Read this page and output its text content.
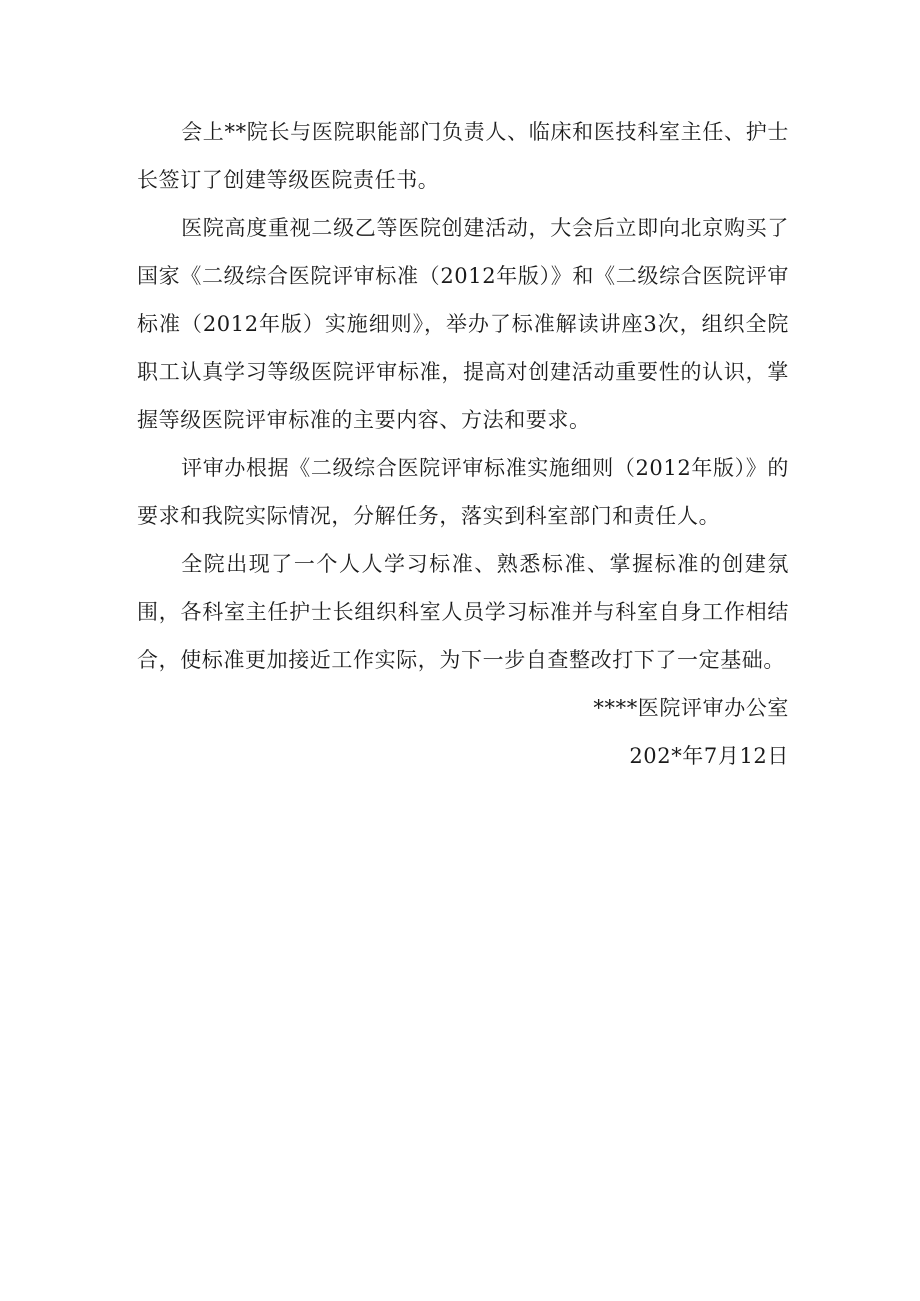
会上**院长与医院职能部门负责人、临床和医技科室主任、护士长签订了创建等级医院责任书。

医院高度重视二级乙等医院创建活动，大会后立即向北京购买了国家《二级综合医院评审标准（2012年版）》和《二级综合医院评审标准（2012年版）实施细则》，举办了标准解读讲座3次，组织全院职工认真学习等级医院评审标准，提高对创建活动重要性的认识，掌握等级医院评审标准的主要内容、方法和要求。

评审办根据《二级综合医院评审标准实施细则（2012年版）》的要求和我院实际情况，分解任务，落实到科室部门和责任人。

全院出现了一个人人学习标准、熟悉标准、掌握标准的创建氛围，各科室主任护士长组织科室人员学习标准并与科室自身工作相结合，使标准更加接近工作实际，为下一步自查整改打下了一定基础。

****医院评审办公室

202*年7月12日
